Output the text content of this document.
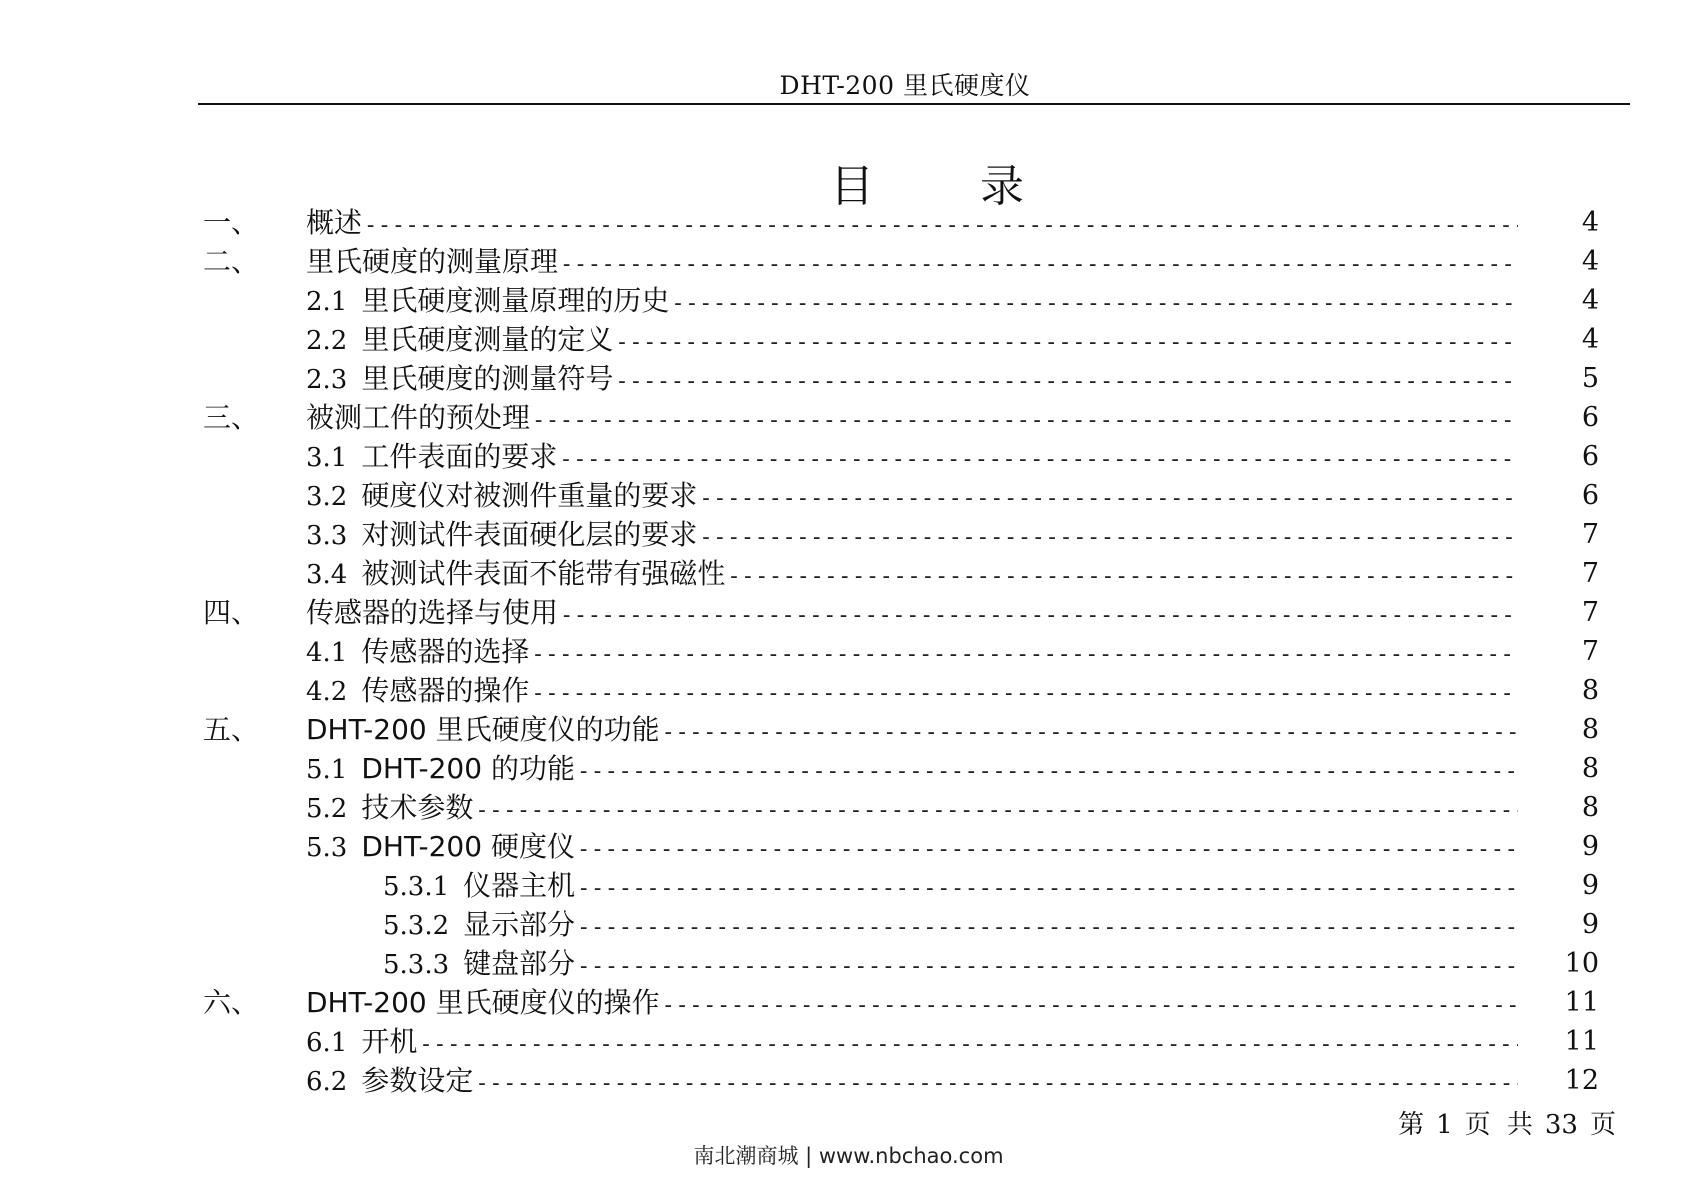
DHT-200 里氏硬度仪
目 录
一、 概述 -----	4
二、 里氏硬度的测量原理 -----	4
2.1 里氏硬度测量原理的历史 -----	4
2.2 里氏硬度测量的定义 -----	4
2.3 里氏硬度的测量符号 -----	5
三、 被测工件的预处理 -----	6
3.1 工件表面的要求 -----	6
3.2 硬度仪对被测件重量的要求 -----	6
3.3 对测试件表面硬化层的要求 -----	7
3.4 被测试件表面不能带有强磁性 -----	7
四、 传感器的选择与使用 -----	7
4.1 传感器的选择 -----	7
4.2 传感器的操作 -----	8
五、 DHT-200 里氏硬度仪的功能 -----	8
5.1 DHT-200 的功能 -----	8
5.2 技术参数 -----	8
5.3 DHT-200 硬度仪 -----	9
5.3.1 仪器主机 -----	9
5.3.2 显示部分 -----	9
5.3.3 键盘部分 -----	10
六、 DHT-200 里氏硬度仪的操作 -----	11
6.1 开机 -----	11
6.2 参数设定 -----	12
第 1 页 共 33 页
南北潮商城 | www.nbchao.com
